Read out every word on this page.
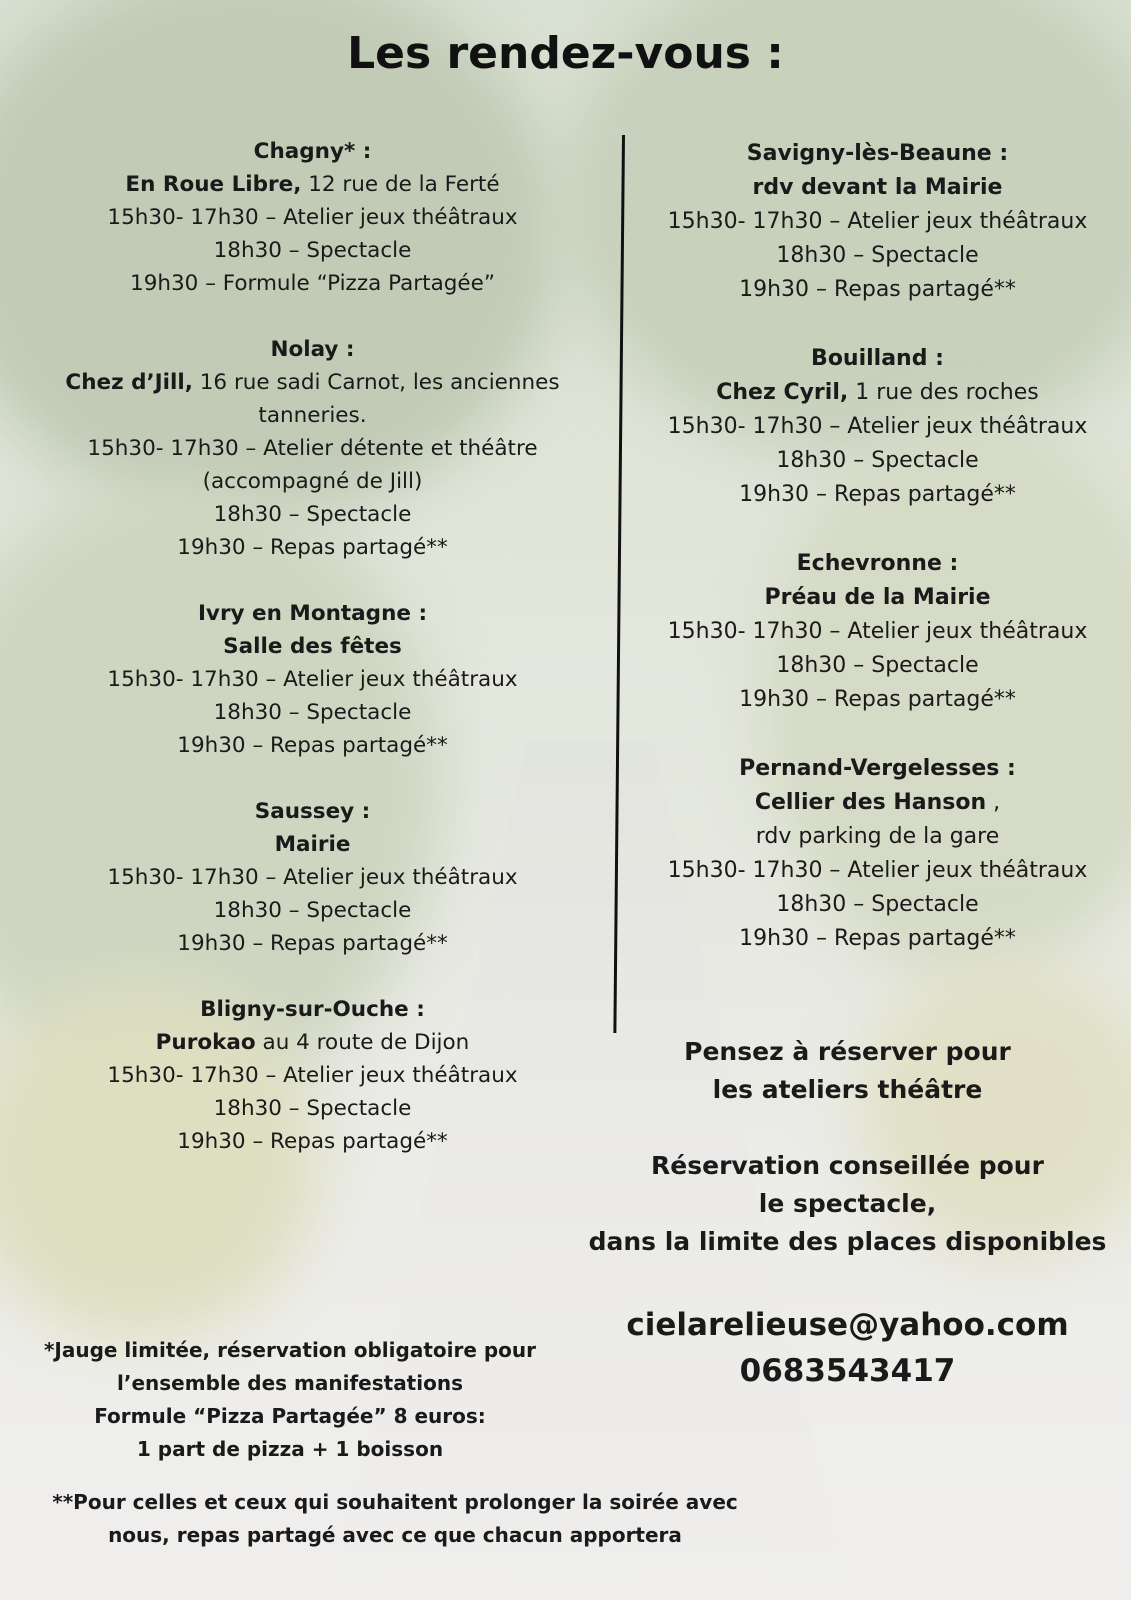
Les rendez-vous :
Chagny* :
En Roue Libre, 12 rue de la Ferté
15h30- 17h30 – Atelier jeux théâtraux
18h30 – Spectacle
19h30 – Formule “Pizza Partagée”
Nolay :
Chez d’Jill, 16 rue sadi Carnot, les anciennes tanneries.
15h30- 17h30 – Atelier détente et théâtre
(accompagné de Jill)
18h30 – Spectacle
19h30 – Repas partagé**
Ivry en Montagne :
Salle des fêtes
15h30- 17h30 – Atelier jeux théâtraux
18h30 – Spectacle
19h30 – Repas partagé**
Saussey :
Mairie
15h30- 17h30 – Atelier jeux théâtraux
18h30 – Spectacle
19h30 – Repas partagé**
Bligny-sur-Ouche :
Purokao au 4 route de Dijon
15h30- 17h30 – Atelier jeux théâtraux
18h30 – Spectacle
19h30 – Repas partagé**
Savigny-lès-Beaune :
rdv devant la Mairie
15h30- 17h30 – Atelier jeux théâtraux
18h30 – Spectacle
19h30 – Repas partagé**
Bouilland :
Chez Cyril, 1 rue des roches
15h30- 17h30 – Atelier jeux théâtraux
18h30 – Spectacle
19h30 – Repas partagé**
Echevronne :
Préau de la Mairie
15h30- 17h30 – Atelier jeux théâtraux
18h30 – Spectacle
19h30 – Repas partagé**
Pernand-Vergelesses :
Cellier des Hanson ,
rdv parking de la gare
15h30- 17h30 – Atelier jeux théâtraux
18h30 – Spectacle
19h30 – Repas partagé**

Pensez à réserver pour
les ateliers théâtre

Réservation conseillée pour
le spectacle,
dans la limite des places disponibles

cielarelieuse@yahoo.com
0683543417
*Jauge limitée, réservation obligatoire pour
l’ensemble des manifestations
Formule “Pizza Partagée” 8 euros:
1 part de pizza + 1 boisson
**Pour celles et ceux qui souhaitent prolonger la soirée avec
nous, repas partagé avec ce que chacun apportera
